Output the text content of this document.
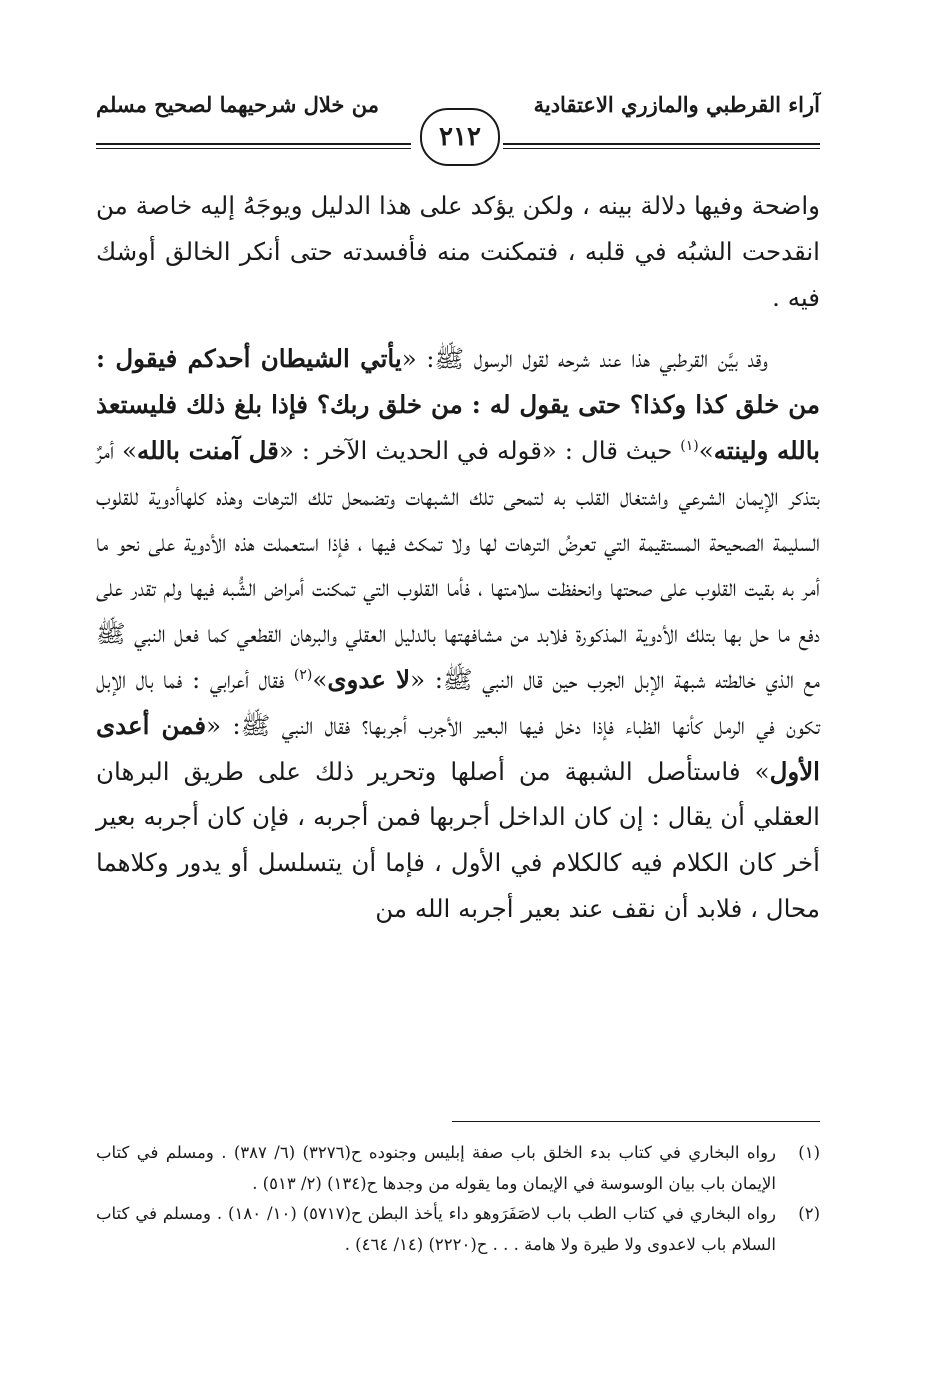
آراء القرطبي والمازري الاعتقادية
من خلال شرحيهما لصحيح مسلم
٢١٢

واضحة وفيها دلالة بينه ، ولكن يؤكد على هذا الدليل ويوجَهُ إليه خاصة من انقدحت الشبُه في قلبه ، فتمكنت منه فأفسدته حتى أنكر الخالق أوشك فيه .

وقد بيَّن القرطبي هذا عند شرحه لقول الرسول ﷺ: «يأتي الشيطان أحدكم فيقول : من خلق كذا وكذا؟ حتى يقول له : من خلق ربك؟ فإذا بلغ ذلك فليستعذ بالله ولينته»$^{(١)}$ حيث قال : «قوله في الحديث الآخر : «قل آمنت بالله» أمرٌ بتذكر الإيمان الشرعي واشتغال القلب به لتمحى تلك الشبهات وتضمحل تلك الترهات وهذه كلهاأدوية للقلوب السليمة الصحيحة المستقيمة التي تعرضُ الترهات لها ولا تمكث فيها ، فإذا استعملت هذه الأدوية على نحو ما أمر به بقيت القلوب على صحتها وانحفظت سلامتها ، فأما القلوب التي تمكنت أمراض الشُّبه فيها ولم تقدر على دفع ما حل بها بتلك الأدوية المذكورة فلابد من مشافهتها بالدليل العقلي والبرهان القطعي كما فعل النبي ﷺ مع الذي خالطته شبهة الإبل الجرب حين قال النبي ﷺ: «لا عدوى»$^{(٢)}$ فقال أعرابي : فما بال الإبل تكون في الرمل كأنها الظباء فإذا دخل فيها البعير الأجرب أجربها؟ فقال النبي ﷺ: «فمن أعدى الأول» فاستأصل الشبهة من أصلها وتحرير ذلك على طريق البرهان العقلي أن يقال : إن كان الداخل أجربها فمن أجربه ، فإن كان أجربه بعير أخر كان الكلام فيه كالكلام في الأول ، فإما أن يتسلسل أو يدور وكلاهما محال ، فلابد أن نقف عند بعير أجربه الله من

(١)
رواه البخاري في كتاب بدء الخلق باب صفة إبليس وجنوده ح(٣٢٧٦) (٦/ ٣٨٧) . ومسلم في كتاب الإيمان باب بيان الوسوسة في الإيمان وما يقوله من وجدها ح(١٣٤) (٢/ ٥١٣) .
(٢)
رواه البخاري في كتاب الطب باب لاصَفَرَوهو داء يأخذ البطن ح(٥٧١٧) (١٠/ ١٨٠) . ومسلم في كتاب السلام باب لاعدوى ولا طيرة ولا هامة . . . ح(٢٢٢٠) (١٤/ ٤٦٤) .
